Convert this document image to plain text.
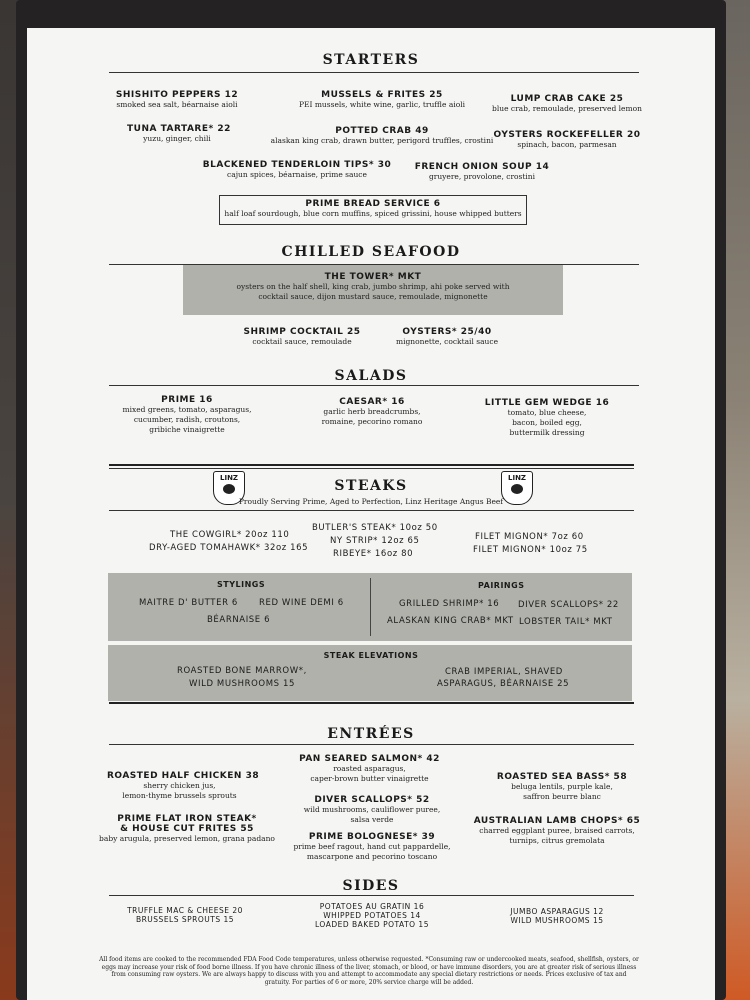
STARTERS
SHISHITO PEPPERS 12
smoked sea salt, béarnaise aioli
MUSSELS & FRITES 25
PEI mussels, white wine, garlic, truffle aioli
LUMP CRAB CAKE 25
blue crab, remoulade, preserved lemon
TUNA TARTARE* 22
yuzu, ginger, chili
POTTED CRAB 49
alaskan king crab, drawn butter, perigord truffles, crostini
OYSTERS ROCKEFELLER 20
spinach, bacon, parmesan
BLACKENED TENDERLOIN TIPS* 30
cajun spices, béarnaise, prime sauce
FRENCH ONION SOUP 14
gruyere, provolone, crostini
PRIME BREAD SERVICE 6
half loaf sourdough, blue corn muffins, spiced grissini, house whipped butters
CHILLED SEAFOOD
THE TOWER* MKT
oysters on the half shell, king crab, jumbo shrimp, ahi poke served with
cocktail sauce, dijon mustard sauce, remoulade, mignonette
SHRIMP COCKTAIL 25
cocktail sauce, remoulade
OYSTERS* 25/40
mignonette, cocktail sauce
SALADS
PRIME 16
mixed greens, tomato, asparagus,
cucumber, radish, croutons,
gribiche vinaigrette
CAESAR* 16
garlic herb breadcrumbs,
romaine, pecorino romano
LITTLE GEM WEDGE 16
tomato, blue cheese,
bacon, boiled egg,
buttermilk dressing
LINZ	LINZ
STEAKS
Proudly Serving Prime, Aged to Perfection, Linz Heritage Angus Beef
THE COWGIRL* 20oz 110
DRY-AGED TOMAHAWK* 32oz 165
BUTLER'S STEAK* 10oz 50
NY STRIP* 12oz 65
RIBEYE* 16oz 80
FILET MIGNON* 7oz 60
FILET MIGNON* 10oz 75
STYLINGS
MAITRE D' BUTTER 6 RED WINE DEMI 6
BÉARNAISE 6
PAIRINGS
GRILLED SHRIMP* 16 DIVER SCALLOPS* 22
ALASKAN KING CRAB* MKT LOBSTER TAIL* MKT
STEAK ELEVATIONS
ROASTED BONE MARROW*,
WILD MUSHROOMS 15
CRAB IMPERIAL, SHAVED
ASPARAGUS, BÉARNAISE 25
ENTRÉES
PAN SEARED SALMON* 42
roasted asparagus,
caper-brown butter vinaigrette
ROASTED HALF CHICKEN 38
sherry chicken jus,
lemon-thyme brussels sprouts
ROASTED SEA BASS* 58
beluga lentils, purple kale,
saffron beurre blanc
DIVER SCALLOPS* 52
wild mushrooms, cauliflower puree,
salsa verde
PRIME FLAT IRON STEAK*
& HOUSE CUT FRITES 55
baby arugula, preserved lemon, grana padano
AUSTRALIAN LAMB CHOPS* 65
charred eggplant puree, braised carrots,
turnips, citrus gremolata
PRIME BOLOGNESE* 39
prime beef ragout, hand cut pappardelle,
mascarpone and pecorino toscano
SIDES
TRUFFLE MAC & CHEESE 20
BRUSSELS SPROUTS 15
POTATOES AU GRATIN 16
WHIPPED POTATOES 14
LOADED BAKED POTATO 15
JUMBO ASPARAGUS 12
WILD MUSHROOMS 15
All food items are cooked to the recommended FDA Food Code temperatures, unless otherwise requested. *Consuming raw or undercooked meats, seafood, shellfish, oysters, or eggs may increase your risk of food borne illness. If you have chronic illness of the liver, stomach, or blood, or have immune disorders, you are at greater risk of serious illness from consuming raw oysters. We are always happy to discuss with you and attempt to accommodate any special dietary restrictions or needs. Prices exclusive of tax and gratuity. For parties of 6 or more, 20% service charge will be added.
